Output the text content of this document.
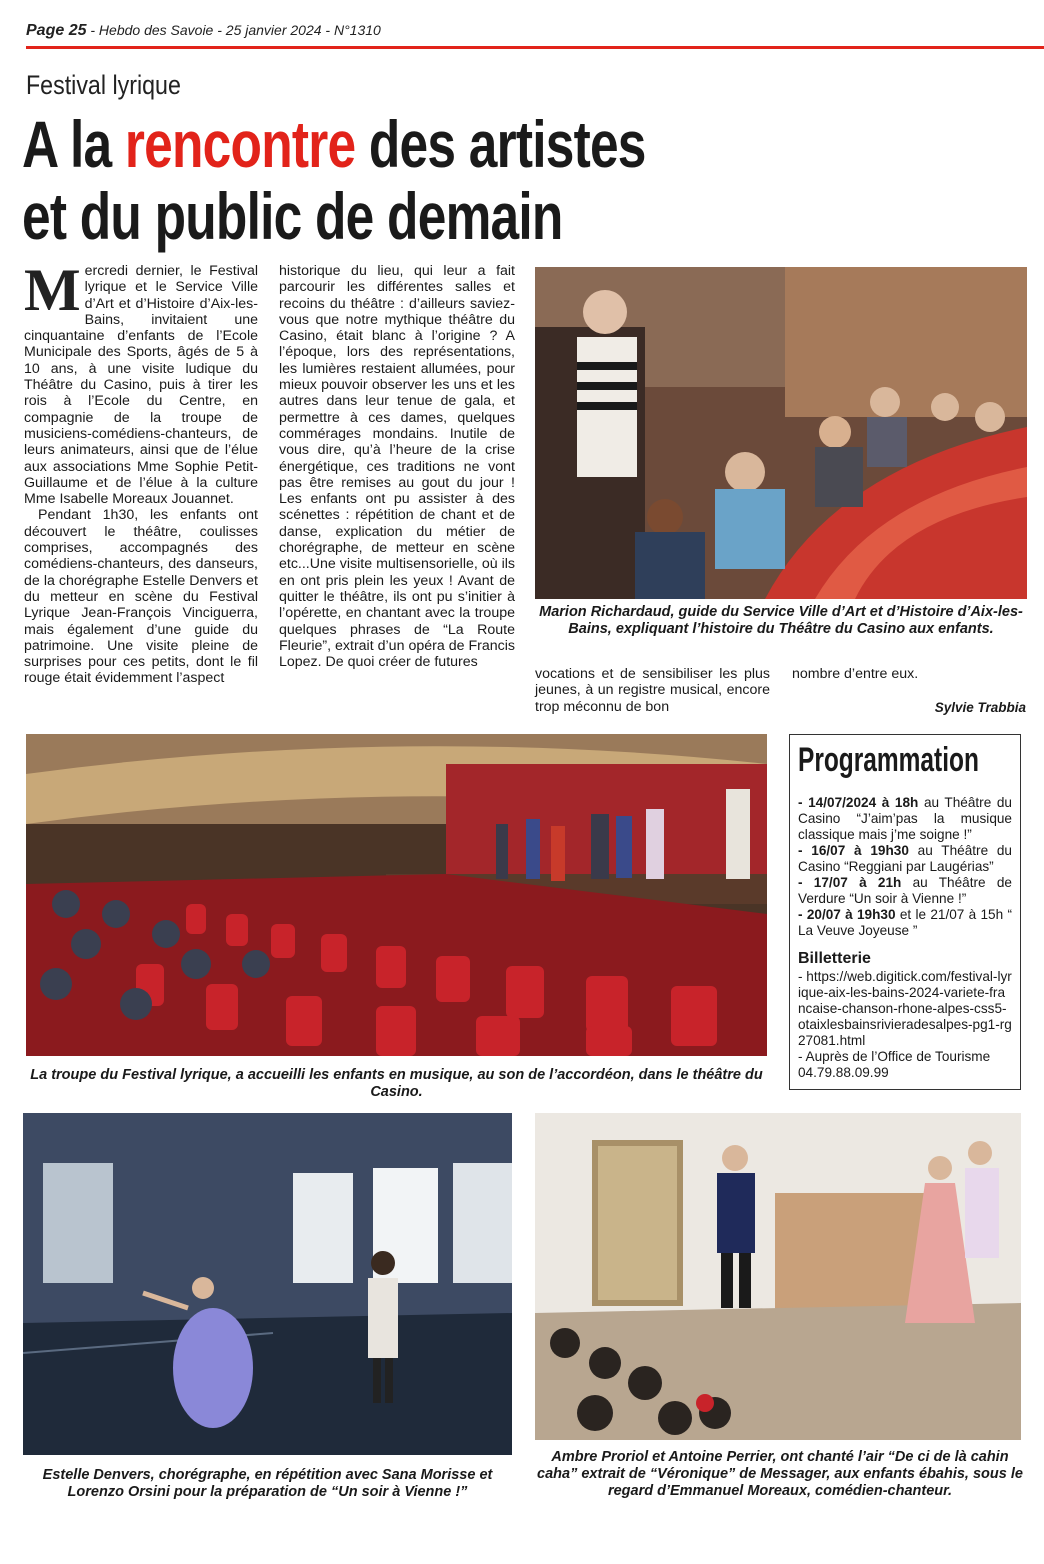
Page 25 - Hebdo des Savoie - 25 janvier 2024 - N°1310
Festival lyrique
A la rencontre des artistes
et du public de demain

Mercredi dernier, le Festival lyrique et le Service Ville d’Art et d’Histoire d’Aix-les-Bains, invitaient une cinquantaine d’enfants de l’Ecole Municipale des Sports, âgés de 5 à 10 ans, à une visite ludique du Théâtre du Casino, puis à tirer les rois à l’Ecole du Centre, en compagnie de la troupe de musiciens-comédiens-chanteurs, de leurs animateurs, ainsi que de l’élue aux associations Mme Sophie Petit-Guillaume et de l’élue à la culture Mme Isabelle Moreaux Jouannet.

Pendant 1h30, les enfants ont découvert le théâtre, coulisses comprises, accompagnés des comédiens-chanteurs, des danseurs, de la chorégraphe Estelle Denvers et du metteur en scène du Festival Lyrique Jean-François Vinciguerra, mais également d’une guide du patrimoine. Une visite pleine de surprises pour ces petits, dont le fil rouge était évidemment l’aspect

historique du lieu, qui leur a fait parcourir les différentes salles et recoins du théâtre : d’ailleurs saviez-vous que notre mythique théâtre du Casino, était blanc à l’origine ? A l’époque, lors des représentations, les lumières restaient allumées, pour mieux pouvoir observer les uns et les autres dans leur tenue de gala, et permettre à ces dames, quelques commérages mondains. Inutile de vous dire, qu’à l’heure de la crise énergétique, ces traditions ne vont pas être remises au gout du jour ! Les enfants ont pu assister à des scénettes : répétition de chant et de danse, explication du métier de chorégraphe, de metteur en scène etc...Une visite multisensorielle, où ils en ont pris plein les yeux ! Avant de quitter le théâtre, ils ont pu s’initier à l’opérette, en chantant avec la troupe quelques phrases de “La Route Fleurie”, extrait d’un opéra de Francis Lopez. De quoi créer de futures

Marion Richardaud, guide du Service Ville d’Art et d’Histoire d’Aix-les-Bains, expliquant l’histoire du Théâtre du Casino aux enfants.
vocations et de sensibiliser les plus jeunes, à un registre musical, encore trop méconnu de bon
nombre d’entre eux.
Sylvie Trabbia
La troupe du Festival lyrique, a accueilli les enfants en musique, au son de l’accordéon, dans le théâtre du Casino.
Programmation
- 14/07/2024 à 18h au Théâtre du Casino “J’aim’pas la musique classique mais j’me soigne !”
- 16/07 à 19h30 au Théâtre du Casino “Reggiani par Laugérias”
- 17/07 à 21h au Théâtre de Verdure “Un soir à Vienne !”
- 20/07 à 19h30 et le 21/07 à 15h “ La Veuve Joyeuse ”
Billetterie
- https://web.digitick.com/festival-lyrique-aix-les-bains-2024-variete-francaise-chanson-rhone-alpes-css5-otaixlesbainsrivieradesalpes-pg1-rg27081.html
- Auprès de l’Office de Tourisme 04.79.88.09.99
Estelle Denvers, chorégraphe, en répétition avec Sana Morisse et Lorenzo Orsini pour la préparation de “Un soir à Vienne !”
Ambre Proriol et Antoine Perrier, ont chanté l’air “De ci de là cahin caha” extrait de “Véronique” de Messager, aux enfants ébahis, sous le regard d’Emmanuel Moreaux, comédien-chanteur.
